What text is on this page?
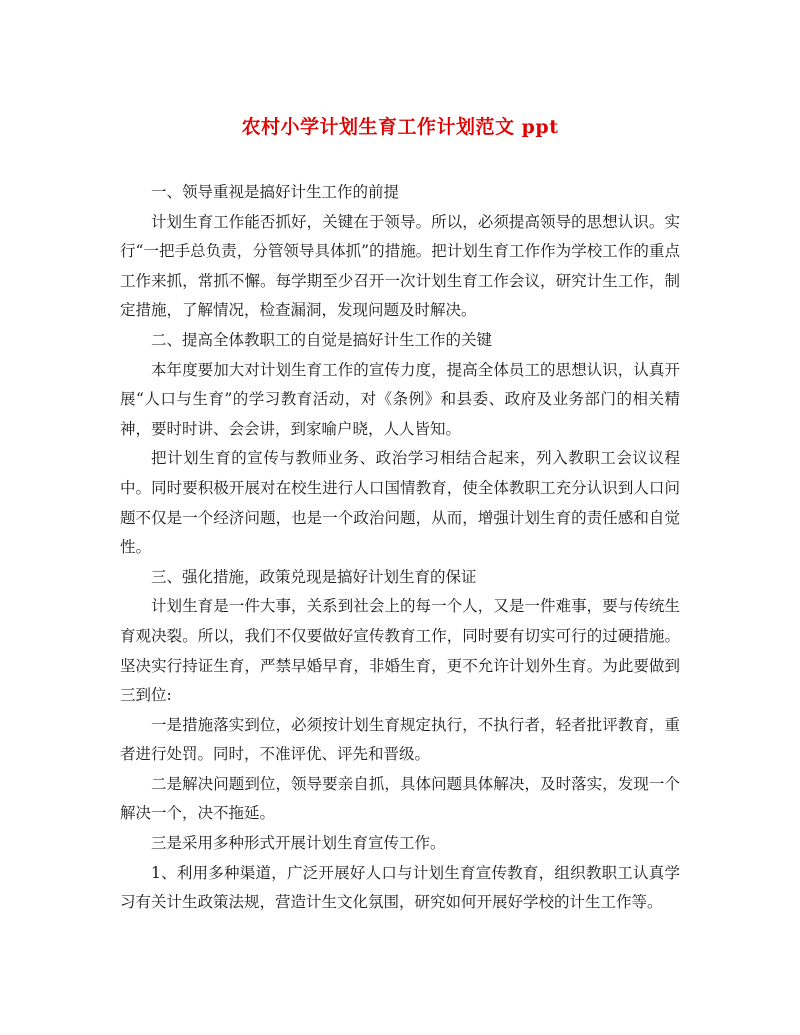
农村小学计划生育工作计划范文 ppt

一、领导重视是搞好计生工作的前提

计划生育工作能否抓好，关键在于领导。所以，必须提高领导的思想认识。实行“一把手总负责，分管领导具体抓”的措施。把计划生育工作作为学校工作的重点工作来抓，常抓不懈。每学期至少召开一次计划生育工作会议，研究计生工作，制定措施，了解情况，检查漏洞，发现问题及时解决。

二、提高全体教职工的自觉是搞好计生工作的关键

本年度要加大对计划生育工作的宣传力度，提高全体员工的思想认识，认真开展“人口与生育”的学习教育活动，对《条例》和县委、政府及业务部门的相关精神，要时时讲、会会讲，到家喻户晓，人人皆知。

把计划生育的宣传与教师业务、政治学习相结合起来，列入教职工会议议程中。同时要积极开展对在校生进行人口国情教育，使全体教职工充分认识到人口问题不仅是一个经济问题，也是一个政治问题，从而，增强计划生育的责任感和自觉性。

三、强化措施，政策兑现是搞好计划生育的保证

计划生育是一件大事，关系到社会上的每一个人，又是一件难事，要与传统生育观决裂。所以，我们不仅要做好宣传教育工作，同时要有切实可行的过硬措施。坚决实行持证生育，严禁早婚早育，非婚生育，更不允许计划外生育。为此要做到三到位:

一是措施落实到位，必须按计划生育规定执行，不执行者，轻者批评教育，重者进行处罚。同时，不准评优、评先和晋级。

二是解决问题到位，领导要亲自抓，具体问题具体解决，及时落实，发现一个解决一个，决不拖延。

三是采用多种形式开展计划生育宣传工作。

1、利用多种渠道，广泛开展好人口与计划生育宣传教育，组织教职工认真学习有关计生政策法规，营造计生文化氛围，研究如何开展好学校的计生工作等。
